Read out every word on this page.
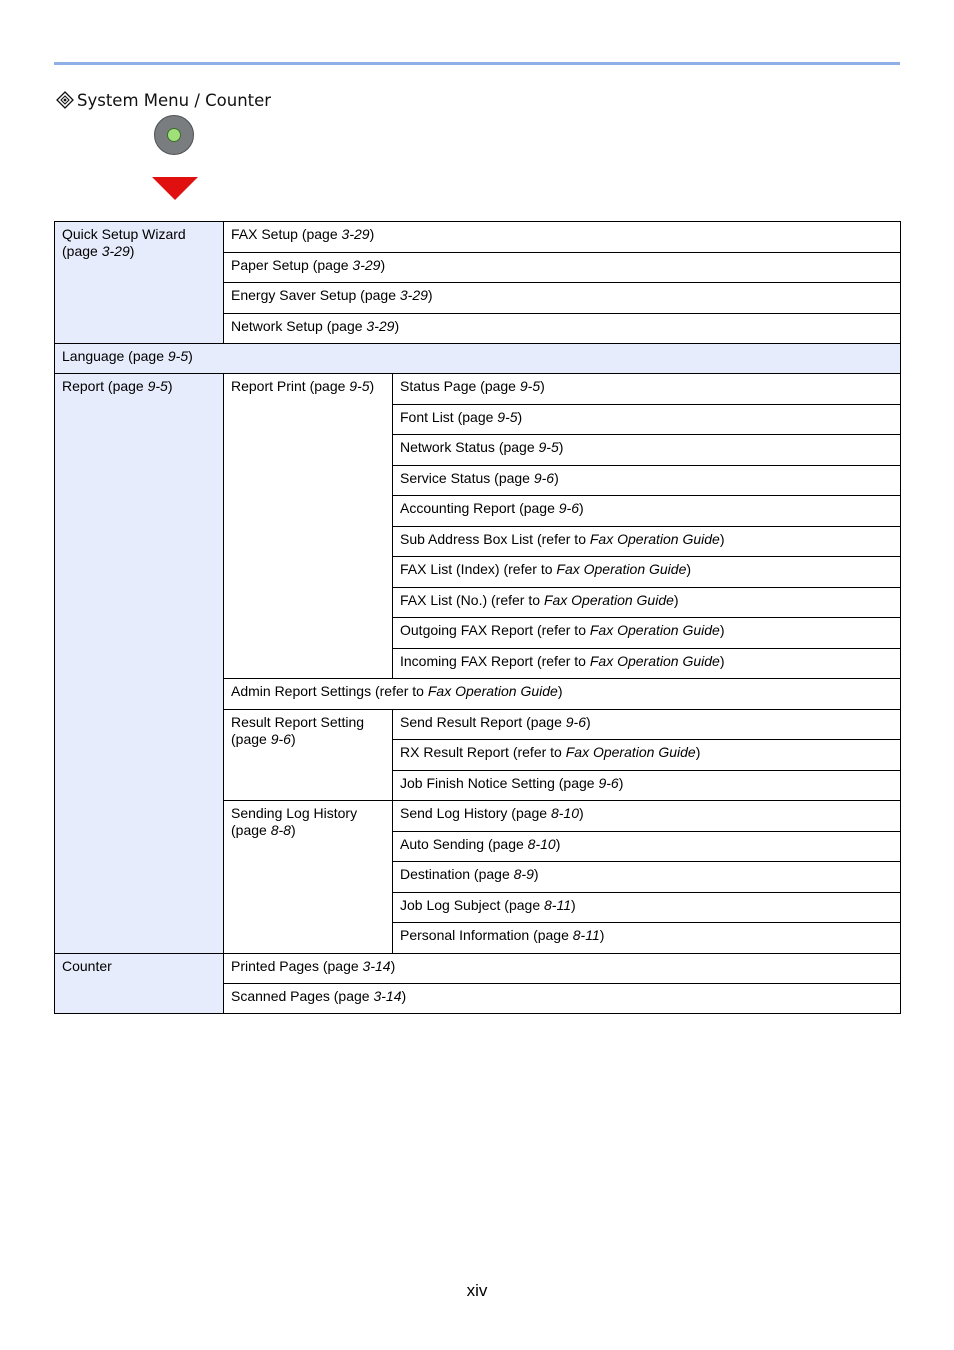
System Menu / Counter
Quick Setup Wizard (page 3-29)	FAX Setup (page 3-29)	
	Paper Setup (page 3-29)	
	Energy Saver Setup (page 3-29)	
	Network Setup (page 3-29)	
Language (page 9-5)		
Report (page 9-5)	Report Print (page 9-5)	Status Page (page 9-5)
		Font List (page 9-5)
		Network Status (page 9-5)
		Service Status (page 9-6)
		Accounting Report (page 9-6)
		Sub Address Box List (refer to Fax Operation Guide)
		FAX List (Index) (refer to Fax Operation Guide)
		FAX List (No.) (refer to Fax Operation Guide)
		Outgoing FAX Report (refer to Fax Operation Guide)
		Incoming FAX Report (refer to Fax Operation Guide)
	Admin Report Settings (refer to Fax Operation Guide)	
	Result Report Setting (page 9-6)	Send Result Report (page 9-6)
		RX Result Report (refer to Fax Operation Guide)
		Job Finish Notice Setting (page 9-6)
	Sending Log History (page 8-8)	Send Log History (page 8-10)
		Auto Sending (page 8-10)
		Destination (page 8-9)
		Job Log Subject (page 8-11)
		Personal Information (page 8-11)
Counter	Printed Pages (page 3-14)	
	Scanned Pages (page 3-14)	
xiv
